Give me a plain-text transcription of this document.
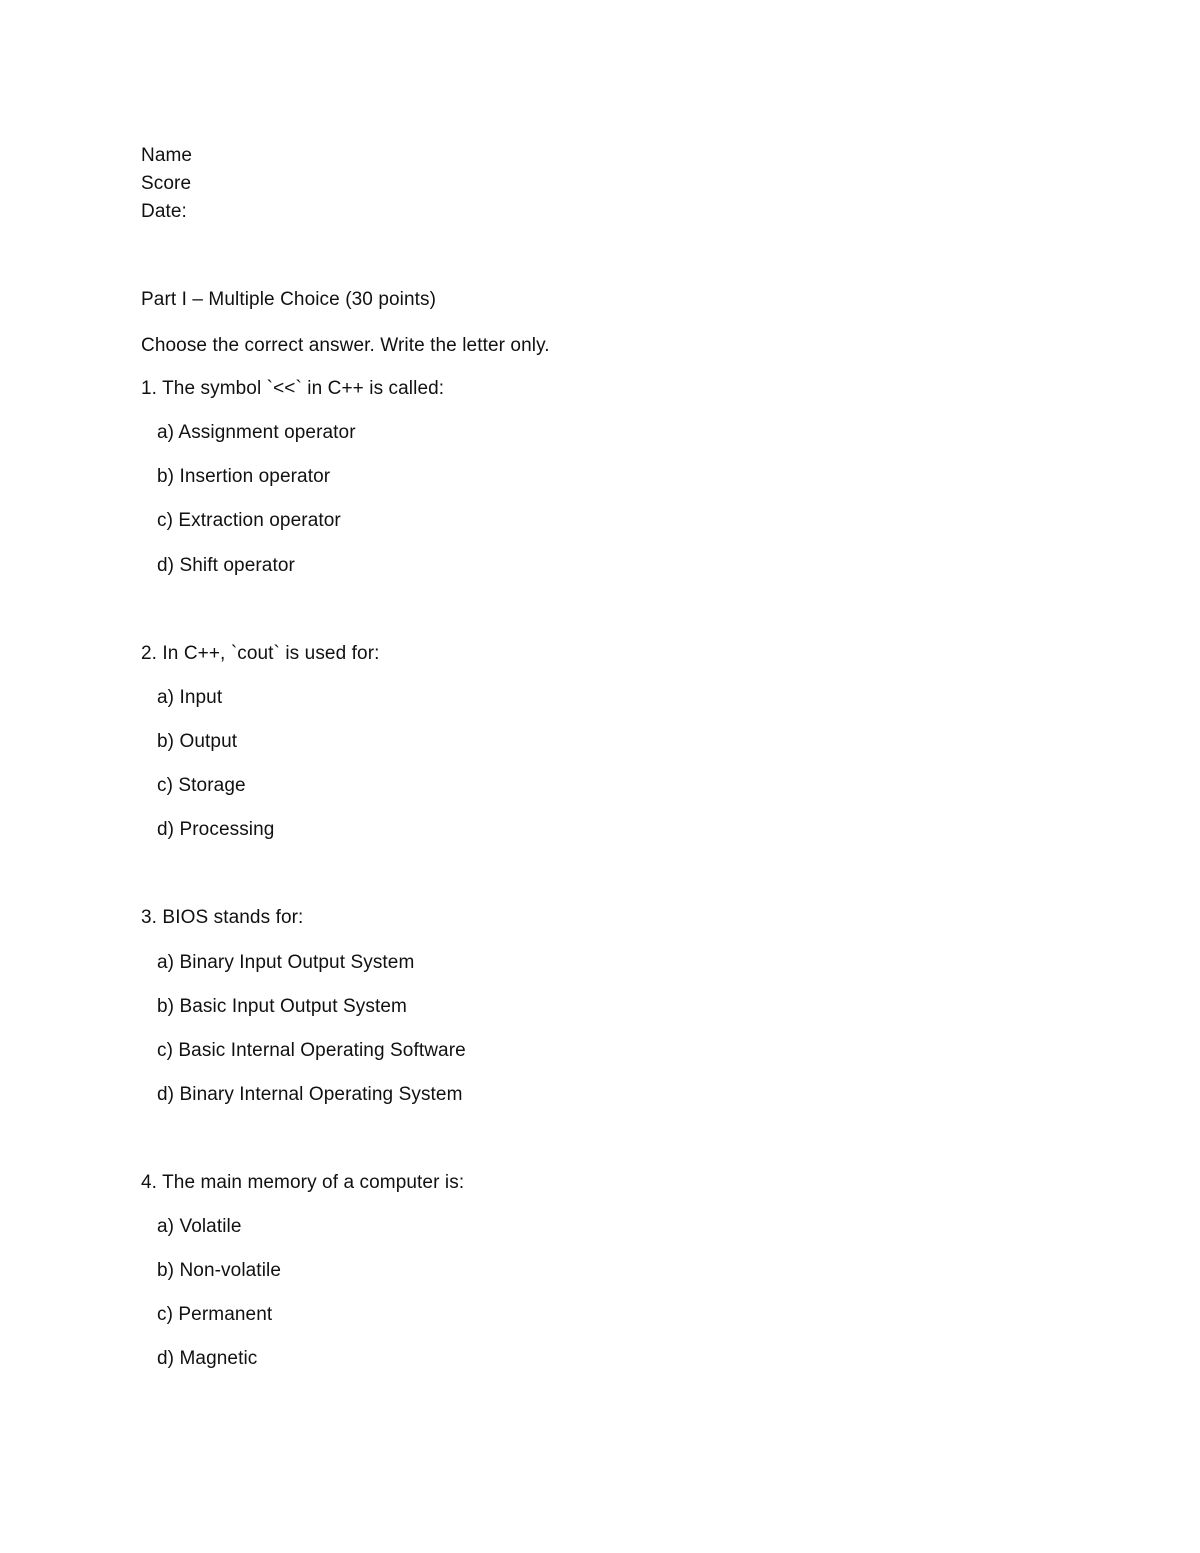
Name
Score
Date:
Part I – Multiple Choice (30 points)
Choose the correct answer. Write the letter only.
1. The symbol `<<` in C++ is called:
a) Assignment operator
b) Insertion operator
c) Extraction operator
d) Shift operator
2. In C++, `cout` is used for:
a) Input
b) Output
c) Storage
d) Processing
3. BIOS stands for:
a) Binary Input Output System
b) Basic Input Output System
c) Basic Internal Operating Software
d) Binary Internal Operating System
4. The main memory of a computer is:
a) Volatile
b) Non-volatile
c) Permanent
d) Magnetic
